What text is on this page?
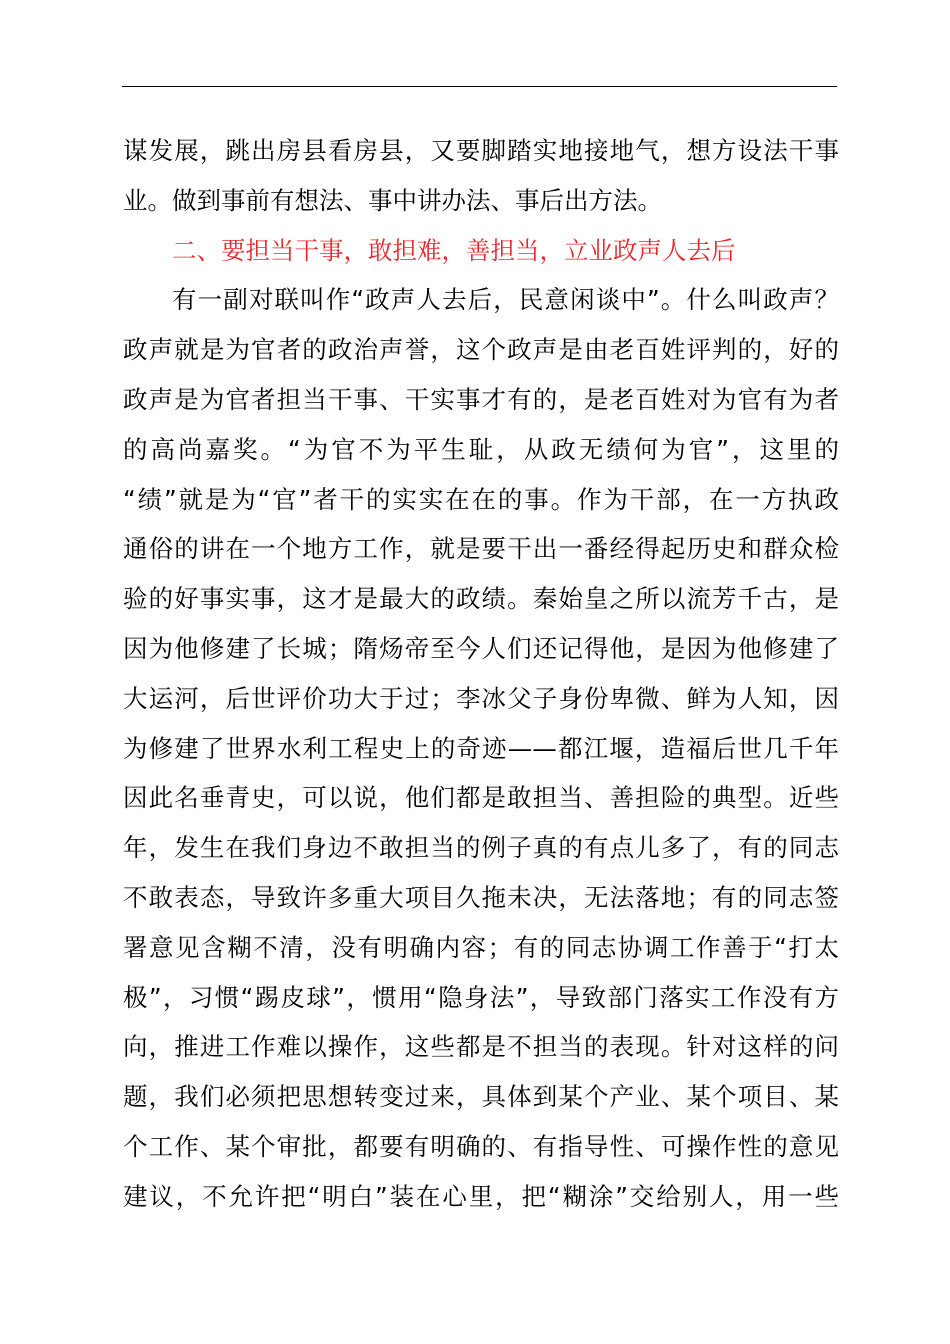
谋发展，跳出房县看房县，又要脚踏实地接地气，想方设法干事
业。做到事前有想法、事中讲办法、事后出方法。
二、要担当干事，敢担难，善担当，立业政声人去后
有一副对联叫作“政声人去后，民意闲谈中”。什么叫政声？
政声就是为官者的政治声誉，这个政声是由老百姓评判的，好的
政声是为官者担当干事、干实事才有的，是老百姓对为官有为者
的高尚嘉奖。“为官不为平生耻，从政无绩何为官”，这里的
“绩”就是为“官”者干的实实在在的事。作为干部，在一方执政
通俗的讲在一个地方工作，就是要干出一番经得起历史和群众检
验的好事实事，这才是最大的政绩。秦始皇之所以流芳千古，是
因为他修建了长城；隋炀帝至今人们还记得他，是因为他修建了
大运河，后世评价功大于过；李冰父子身份卑微、鲜为人知，因
为修建了世界水利工程史上的奇迹——都江堰，造福后世几千年
因此名垂青史，可以说，他们都是敢担当、善担险的典型。近些
年，发生在我们身边不敢担当的例子真的有点儿多了，有的同志
不敢表态，导致许多重大项目久拖未决，无法落地；有的同志签
署意见含糊不清，没有明确内容；有的同志协调工作善于“打太
极”，习惯“踢皮球”，惯用“隐身法”，导致部门落实工作没有方
向，推进工作难以操作，这些都是不担当的表现。针对这样的问
题，我们必须把思想转变过来，具体到某个产业、某个项目、某
个工作、某个审批，都要有明确的、有指导性、可操作性的意见
建议，不允许把“明白”装在心里，把“糊涂”交给别人，用一些
